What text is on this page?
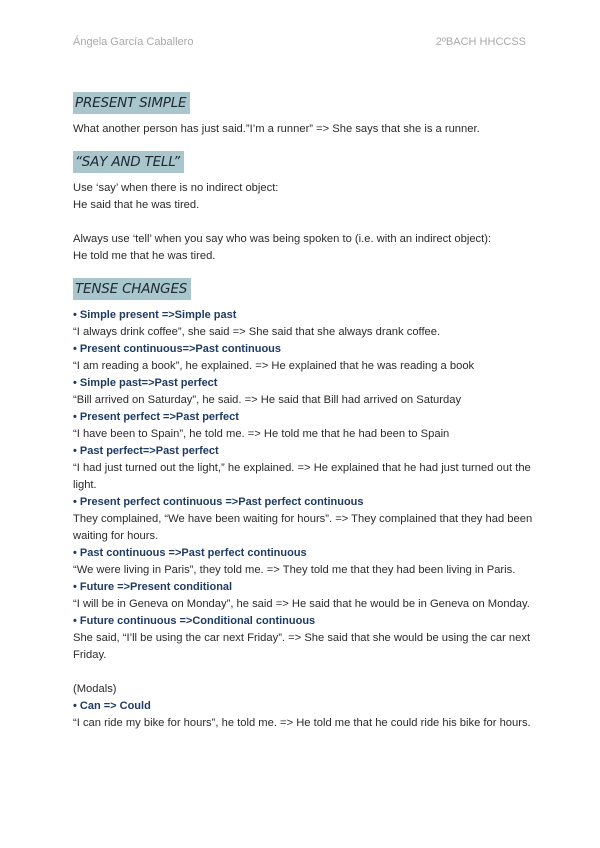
Ángela García Caballero	2ºBACH HHCCSS
PRESENT SIMPLE

What another person has just said.”I’m a runner” => She says that she is a runner.

“SAY AND TELL”

Use ‘say’ when there is no indirect object:

He said that he was tired.

Always use ‘tell’ when you say who was being spoken to (i.e. with an indirect object):

He told me that he was tired.

TENSE CHANGES

• Simple present =>Simple past

“I always drink coffee”, she said => She said that she always drank coffee.

• Present continuous=>Past continuous

“I am reading a book”, he explained. => He explained that he was reading a book

• Simple past=>Past perfect

“Bill arrived on Saturday”, he said. => He said that Bill had arrived on Saturday

• Present perfect =>Past perfect

“I have been to Spain”, he told me. => He told me that he had been to Spain

• Past perfect=>Past perfect

“I had just turned out the light,” he explained. => He explained that he had just turned out the light.

• Present perfect continuous =>Past perfect continuous

They complained, “We have been waiting for hours”. => They complained that they had been waiting for hours.

• Past continuous =>Past perfect continuous

“We were living in Paris”, they told me. => They told me that they had been living in Paris.

• Future =>Present conditional

“I will be in Geneva on Monday”, he said => He said that he would be in Geneva on Monday.

• Future continuous =>Conditional continuous

She said, “I’ll be using the car next Friday”. => She said that she would be using the car next Friday.

(Modals)

• Can => Could

“I can ride my bike for hours”, he told me. => He told me that he could ride his bike for hours.
